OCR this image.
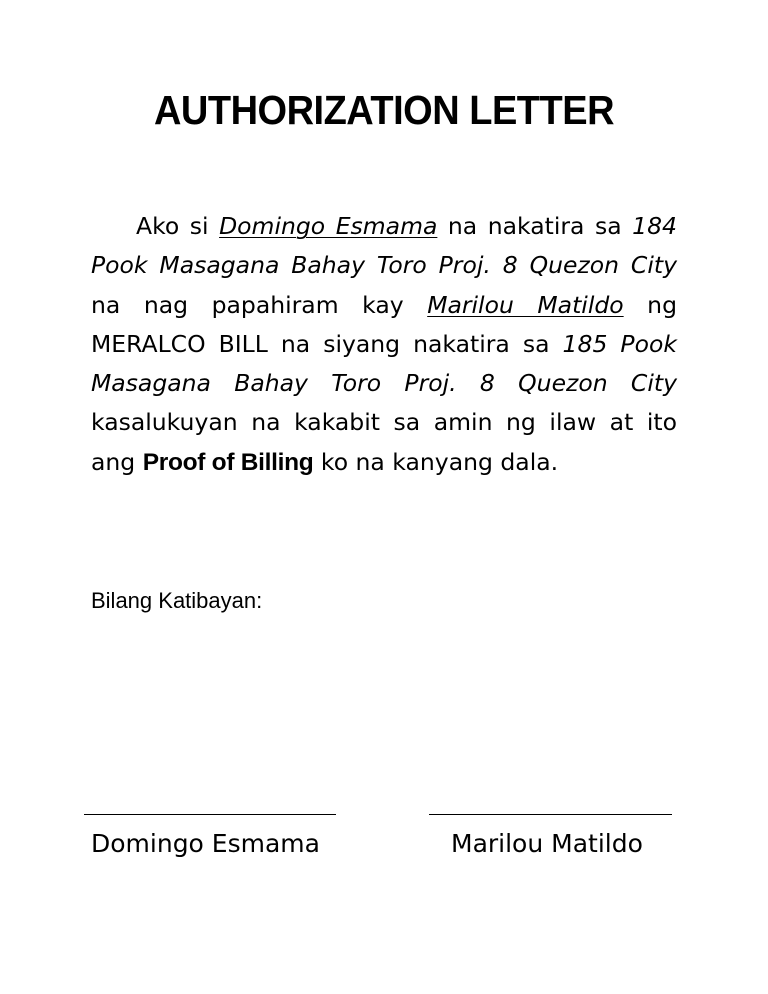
AUTHORIZATION LETTER

Ako si Domingo Esmama na nakatira sa 184 Pook Masagana Bahay Toro Proj. 8 Quezon City na nag papahiram kay Marilou Matildo ng MERALCO BILL na siyang nakatira sa 185 Pook Masagana Bahay Toro Proj. 8 Quezon City kasalukuyan na kakabit sa amin ng ilaw at ito ang Proof of Billing ko na kanyang dala.

Bilang Katibayan:
Domingo Esmama	Marilou Matildo
